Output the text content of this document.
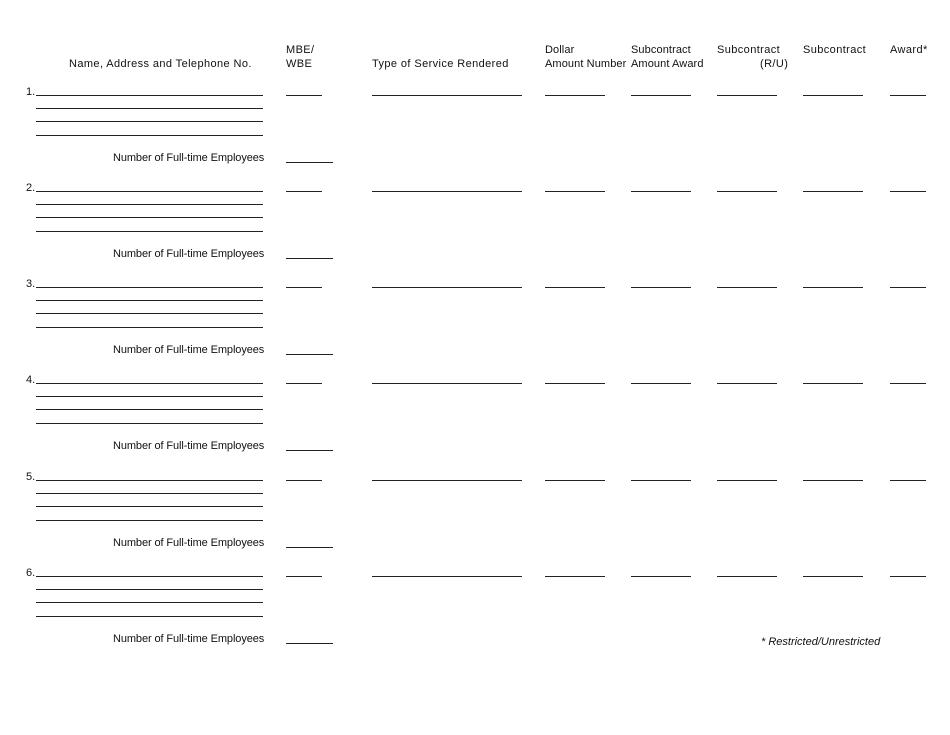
Name, Address and Telephone No.
MBE/
WBE	Type of Service Rendered
Dollar
Amount Number
Subcontract
Amount Award
Subcontract
(R/U)
Subcontract Award*
1.
Number of Full-time Employees
2.
Number of Full-time Employees
3.
Number of Full-time Employees
4.
Number of Full-time Employees
5.
Number of Full-time Employees
6.
Number of Full-time Employees	* Restricted/Unrestricted
